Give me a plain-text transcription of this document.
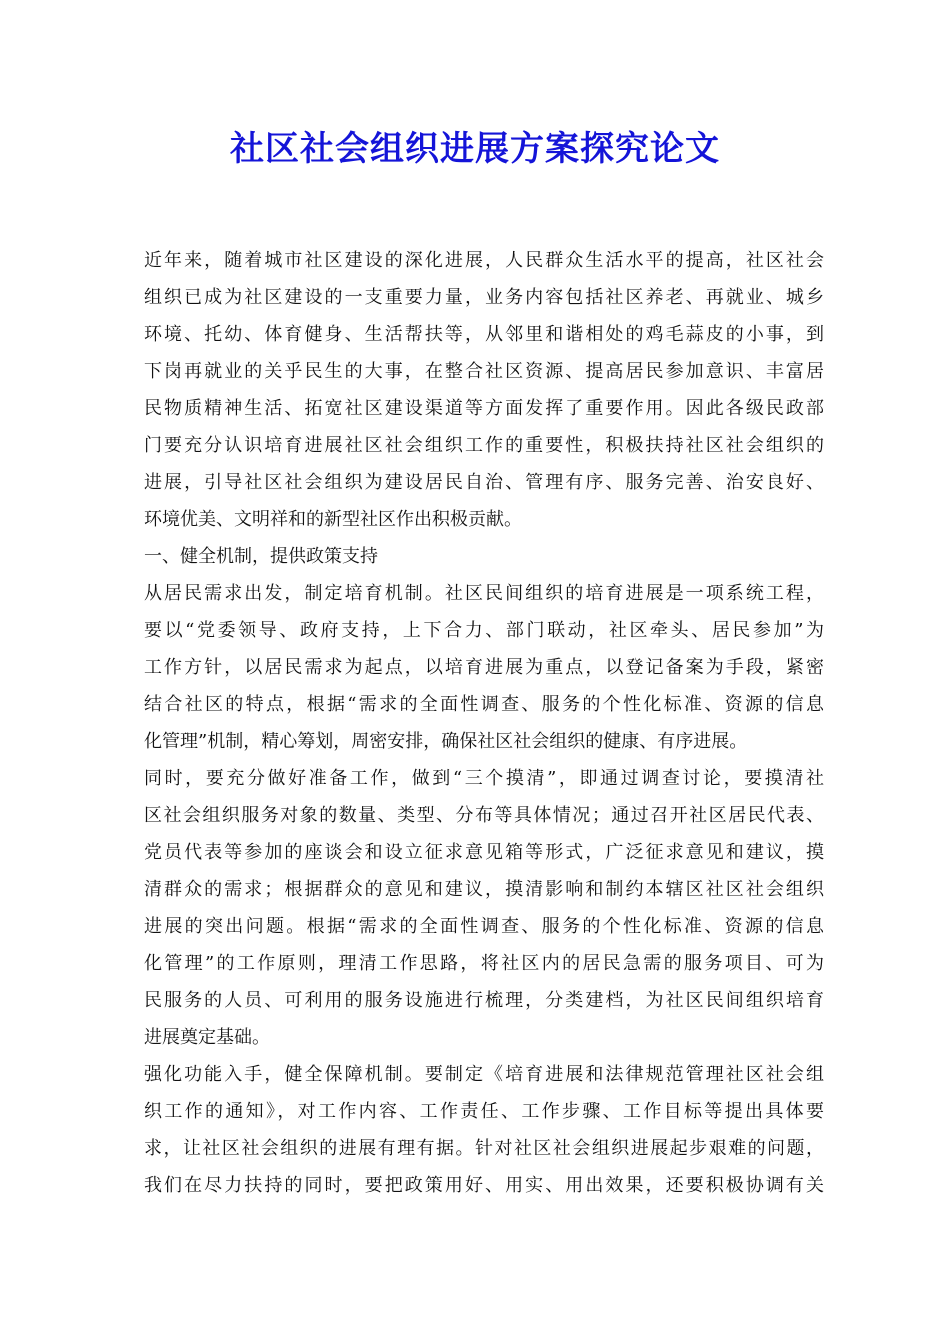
社区社会组织进展方案探究论文
近年来，随着城市社区建设的深化进展，人民群众生活水平的提高，社区社会
组织已成为社区建设的一支重要力量，业务内容包括社区养老、再就业、城乡
环境、托幼、体育健身、生活帮扶等，从邻里和谐相处的鸡毛蒜皮的小事，到
下岗再就业的关乎民生的大事，在整合社区资源、提高居民参加意识、丰富居
民物质精神生活、拓宽社区建设渠道等方面发挥了重要作用。因此各级民政部
门要充分认识培育进展社区社会组织工作的重要性，积极扶持社区社会组织的
进展，引导社区社会组织为建设居民自治、管理有序、服务完善、治安良好、
环境优美、文明祥和的新型社区作出积极贡献。
一、健全机制，提供政策支持
从居民需求出发，制定培育机制。社区民间组织的培育进展是一项系统工程，
要以“党委领导、政府支持，上下合力、部门联动，社区牵头、居民参加”为
工作方针，以居民需求为起点，以培育进展为重点，以登记备案为手段，紧密
结合社区的特点，根据“需求的全面性调查、服务的个性化标准、资源的信息
化管理”机制，精心筹划，周密安排，确保社区社会组织的健康、有序进展。
同时，要充分做好准备工作，做到“三个摸清”，即通过调查讨论，要摸清社
区社会组织服务对象的数量、类型、分布等具体情况；通过召开社区居民代表、
党员代表等参加的座谈会和设立征求意见箱等形式，广泛征求意见和建议，摸
清群众的需求；根据群众的意见和建议，摸清影响和制约本辖区社区社会组织
进展的突出问题。根据“需求的全面性调查、服务的个性化标准、资源的信息
化管理”的工作原则，理清工作思路，将社区内的居民急需的服务项目、可为
民服务的人员、可利用的服务设施进行梳理，分类建档，为社区民间组织培育
进展奠定基础。
强化功能入手，健全保障机制。要制定《培育进展和法律规范管理社区社会组
织工作的通知》，对工作内容、工作责任、工作步骤、工作目标等提出具体要
求，让社区社会组织的进展有理有据。针对社区社会组织进展起步艰难的问题，
我们在尽力扶持的同时，要把政策用好、用实、用出效果，还要积极协调有关
